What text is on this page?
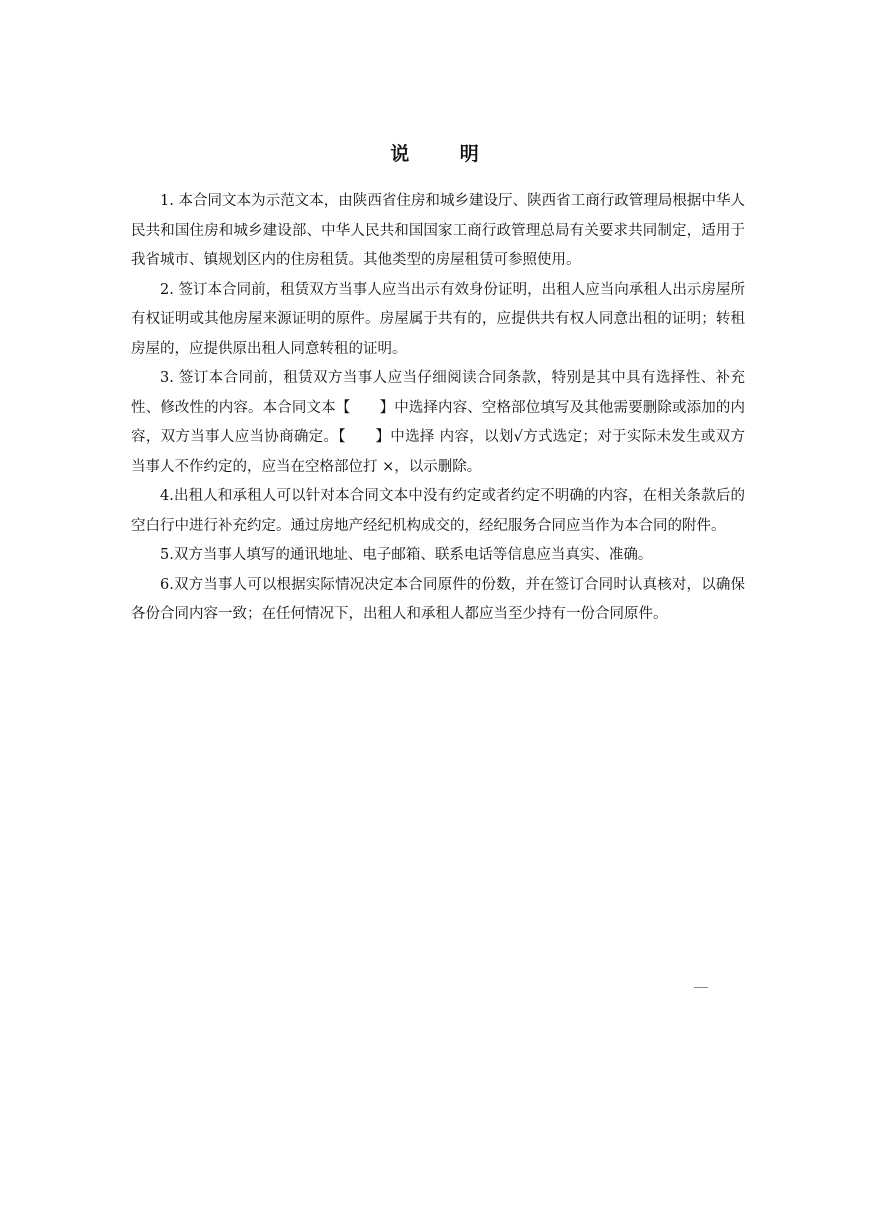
说 明

1. 本合同文本为示范文本，由陕西省住房和城乡建设厅、陕西省工商行政管理局根据中华人民共和国住房和城乡建设部、中华人民共和国国家工商行政管理总局有关要求共同制定，适用于我省城市、镇规划区内的住房租赁。其他类型的房屋租赁可参照使用。

2. 签订本合同前，租赁双方当事人应当出示有效身份证明，出租人应当向承租人出示房屋所有权证明或其他房屋来源证明的原件。房屋属于共有的，应提供共有权人同意出租的证明；转租房屋的，应提供原出租人同意转租的证明。

3. 签订本合同前，租赁双方当事人应当仔细阅读合同条款，特别是其中具有选择性、补充性、修改性的内容。本合同文本【　　】中选择内容、空格部位填写及其他需要删除或添加的内容，双方当事人应当协商确定。【　　】中选择 内容，以划√方式选定；对于实际未发生或双方当事人不作约定的，应当在空格部位打 ×，以示删除。

4.出租人和承租人可以针对本合同文本中没有约定或者约定不明确的内容，在相关条款后的空白行中进行补充约定。通过房地产经纪机构成交的，经纪服务合同应当作为本合同的附件。

5.双方当事人填写的通讯地址、电子邮箱、联系电话等信息应当真实、准确。

6.双方当事人可以根据实际情况决定本合同原件的份数，并在签订合同时认真核对，以确保各份合同内容一致；在任何情况下，出租人和承租人都应当至少持有一份合同原件。
